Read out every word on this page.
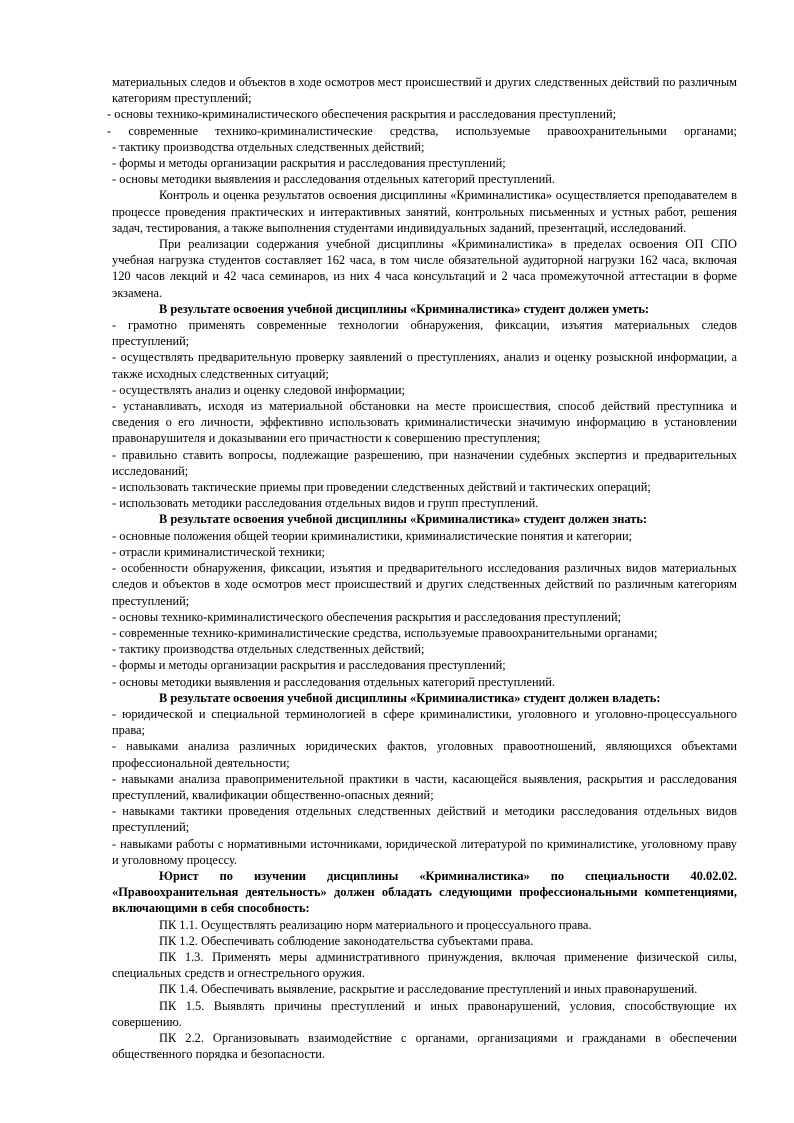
материальных следов и объектов в ходе осмотров мест происшествий и других следственных действий по различным категориям преступлений;

- основы технико-криминалистического обеспечения раскрытия и расследования преступлений;

- современные технико-криминалистические средства, используемые правоохранительными органами;

- тактику производства отдельных следственных действий;

- формы и методы организации раскрытия и расследования преступлений;

- основы методики выявления и расследования отдельных категорий преступлений.

Контроль и оценка результатов освоения дисциплины «Криминалистика» осуществляется преподавателем в процессе проведения практических и интерактивных занятий, контрольных письменных и устных работ, решения задач, тестирования, а также выполнения студентами индивидуальных заданий, презентаций, исследований.

При реализации содержания учебной дисциплины «Криминалистика» в пределах освоения ОП СПО учебная нагрузка студентов составляет 162 часа, в том числе обязательной аудиторной нагрузки 162 часа, включая 120 часов лекций и 42 часа семинаров, из них 4 часа консультаций и 2 часа промежуточной аттестации в форме экзамена.

В результате освоения учебной дисциплины «Криминалистика» студент должен уметь:

- грамотно применять современные технологии обнаружения, фиксации, изъятия материальных следов преступлений;

- осуществлять предварительную проверку заявлений о преступлениях, анализ и оценку розыскной информации, а также исходных следственных ситуаций;

- осуществлять анализ и оценку следовой информации;

- устанавливать, исходя из материальной обстановки на месте происшествия, способ действий преступника и сведения о его личности, эффективно использовать криминалистически значимую информацию в установлении правонарушителя и доказывании его причастности к совершению преступления;

- правильно ставить вопросы, подлежащие разрешению, при назначении судебных экспертиз и предварительных исследований;

- использовать тактические приемы при проведении следственных действий и тактических операций;

- использовать методики расследования отдельных видов и групп преступлений.

В результате освоения учебной дисциплины «Криминалистика» студент должен знать:

- основные положения общей теории криминалистики, криминалистические понятия и категории;

- отрасли криминалистической техники;

- особенности обнаружения, фиксации, изъятия и предварительного исследования различных видов материальных следов и объектов в ходе осмотров мест происшествий и других следственных действий по различным категориям преступлений;

- основы технико-криминалистического обеспечения раскрытия и расследования преступлений;

- современные технико-криминалистические средства, используемые правоохранительными органами;

- тактику производства отдельных следственных действий;

- формы и методы организации раскрытия и расследования преступлений;

- основы методики выявления и расследования отдельных категорий преступлений.

В результате освоения учебной дисциплины «Криминалистика» студент должен владеть:

- юридической и специальной терминологией в сфере криминалистики, уголовного и уголовно-процессуального права;

- навыками анализа различных юридических фактов, уголовных правоотношений, являющихся объектами профессиональной деятельности;

- навыками анализа правоприменительной практики в части, касающейся выявления, раскрытия и расследования преступлений, квалификации общественно-опасных деяний;

- навыками тактики проведения отдельных следственных действий и методики расследования отдельных видов преступлений;

- навыками работы с нормативными источниками, юридической литературой по криминалистике, уголовному праву и уголовному процессу.

Юрист по изучении дисциплины «Криминалистика» по специальности 40.02.02. «Правоохранительная деятельность» должен обладать следующими профессиональными компетенциями, включающими в себя способность:

ПК 1.1. Осуществлять реализацию норм материального и процессуального права.

ПК 1.2. Обеспечивать соблюдение законодательства субъектами права.

ПК 1.3. Применять меры административного принуждения, включая применение физической силы, специальных средств и огнестрельного оружия.

ПК 1.4. Обеспечивать выявление, раскрытие и расследование преступлений и иных правонарушений.

ПК 1.5. Выявлять причины преступлений и иных правонарушений, условия, способствующие их совершению.

ПК 2.2. Организовывать взаимодействие с органами, организациями и гражданами в обеспечении общественного порядка и безопасности.
